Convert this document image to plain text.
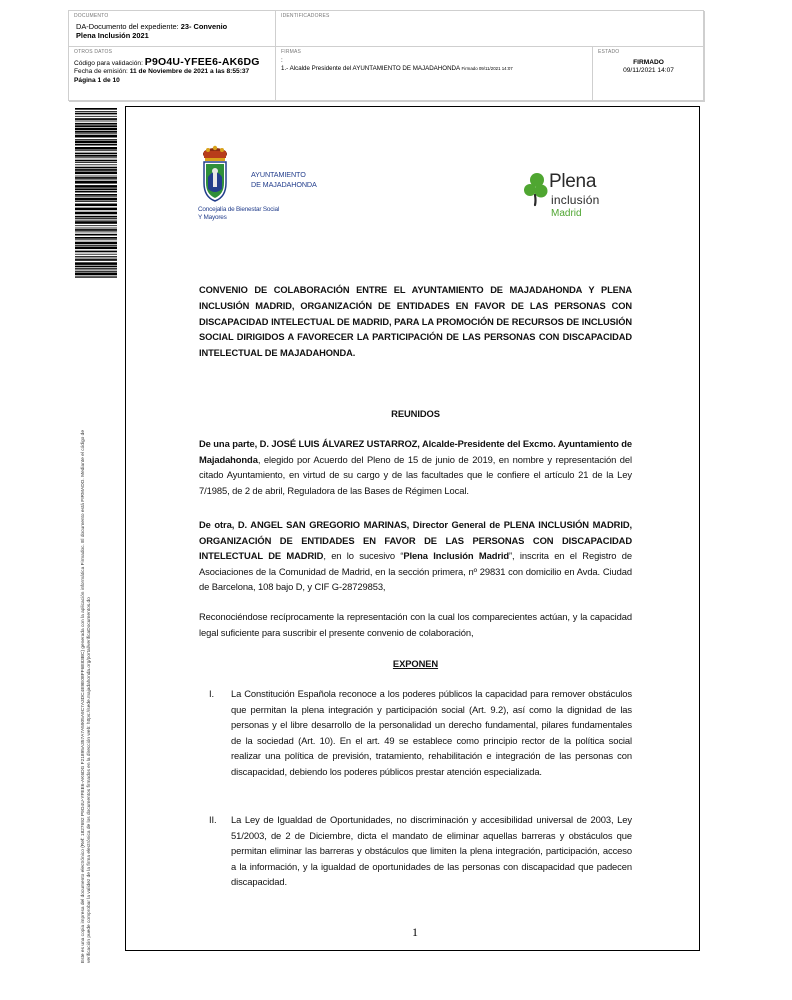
DOCUMENTO
DA-Documento del expediente: 23- Convenio
Plena Inclusión 2021
IDENTIFICADORES
OTROS DATOS
Código para validación: P9O4U-YFEE6-AK6DG
Fecha de emisión: 11 de Noviembre de 2021 a las 8:55:37
Página 1 de 10
FIRMAS
:
1.- Alcalde Presidente del AYUNTAMIENTO DE MAJADAHONDA Firmado 09/11/2021 14:07
ESTADO
FIRMADO
09/11/2021 14:07
Este es una copia impresa del documento electrónico (Ref: 1827692 P9O4U-YFEE6-AK6DG F21895A357A7A5905A9C7A3DC4E9E08FF6E83BC) generada con la aplicación informática Firmadoc. El documento está FIRMADO. Mediante el código de verificación puede comprobar la validez de la firma electrónica de los documentos firmados en la dirección web: https://sede.majadahonda.org/portal/verificaDocumentos.do
AYUNTAMIENTO
DE MAJADAHONDA
Concejalía de Bienestar Social
Y Mayores
Plena
inclusión
Madrid
CONVENIO DE COLABORACIÓN ENTRE EL AYUNTAMIENTO DE MAJADAHONDA Y PLENA INCLUSIÓN MADRID, ORGANIZACIÓN DE ENTIDADES EN FAVOR DE LAS PERSONAS CON DISCAPACIDAD INTELECTUAL DE MADRID, PARA LA PROMOCIÓN DE RECURSOS DE INCLUSIÓN SOCIAL DIRIGIDOS A FAVORECER LA PARTICIPACIÓN DE LAS PERSONAS CON DISCAPACIDAD INTELECTUAL DE MAJADAHONDA.
REUNIDOS
De una parte, D. JOSÉ LUIS ÁLVAREZ USTARROZ, Alcalde-Presidente del Excmo. Ayuntamiento de Majadahonda, elegido por Acuerdo del Pleno de 15 de junio de 2019, en nombre y representación del citado Ayuntamiento, en virtud de su cargo y de las facultades que le confiere el artículo 21 de la Ley 7/1985, de 2 de abril, Reguladora de las Bases de Régimen Local.
De otra, D. ANGEL SAN GREGORIO MARINAS, Director General de PLENA INCLUSIÓN MADRID, ORGANIZACIÓN DE ENTIDADES EN FAVOR DE LAS PERSONAS CON DISCAPACIDAD INTELECTUAL DE MADRID, en lo sucesivo “Plena Inclusión Madrid”, inscrita en el Registro de Asociaciones de la Comunidad de Madrid, en la sección primera, nº 29831 con domicilio en Avda. Ciudad de Barcelona, 108 bajo D, y CIF G-28729853,
Reconociéndose recíprocamente la representación con la cual los comparecientes actúan, y la capacidad legal suficiente para suscribir el presente convenio de colaboración,
EXPONEN
I.	La Constitución Española reconoce a los poderes públicos la capacidad para remover obstáculos que permitan la plena integración y participación social (Art. 9.2), así como la dignidad de las personas y el libre desarrollo de la personalidad un derecho fundamental, pilares fundamentales de la sociedad (Art. 10). En el art. 49 se establece como principio rector de la política social realizar una política de previsión, tratamiento, rehabilitación e integración de las personas con discapacidad, debiendo los poderes públicos prestar atención especializada.
II.	La Ley de Igualdad de Oportunidades, no discriminación y accesibilidad universal de 2003, Ley 51/2003, de 2 de Diciembre, dicta el mandato de eliminar aquellas barreras y obstáculos que permitan eliminar las barreras y obstáculos que limiten la plena integración, participación, acceso a la información, y la igualdad de oportunidades de las personas con discapacidad que padecen discapacidad.
1
